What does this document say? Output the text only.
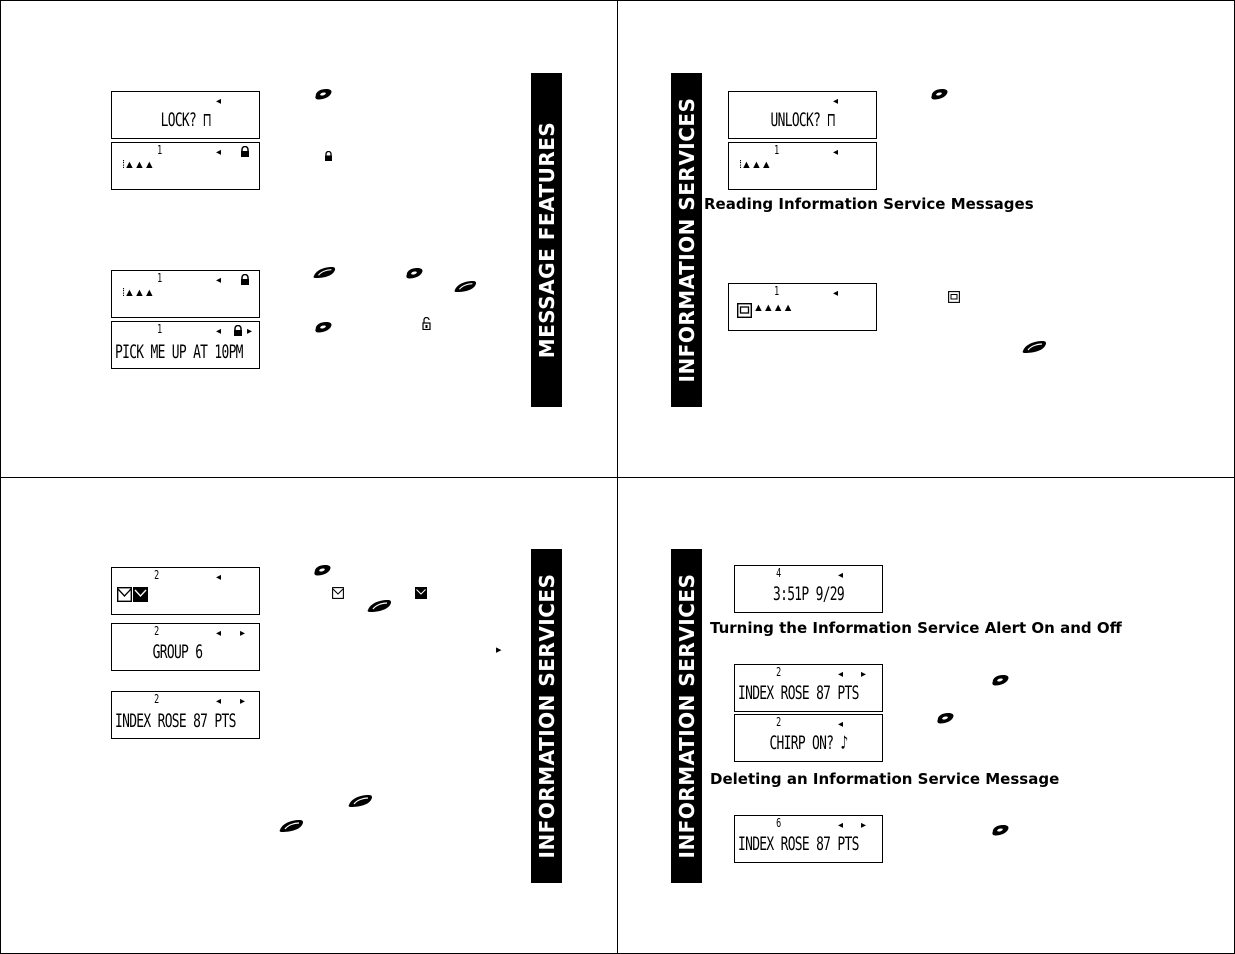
MESSAGE FEATURES
◂
LOCK? ⊓
1	◂
⁞▲▲▲
1	◂
⁞▲▲▲
1	◂	▸
PICK ME UP AT 10PM	INFORMATION SERVICES	◂
UNLOCK? ⊓
1	◂
⁞▲▲▲
Reading Information Service Messages
1	◂
▲▲▲▲
INFORMATION SERVICES
2	◂
2	◂ ▸
GROUP 6
2	◂ ▸
INDEX ROSE 87 PTS
▸	INFORMATION SERVICES
4	◂
3:51P 9/29
Turning the Information Service Alert On and Off
2	◂ ▸
INDEX ROSE 87 PTS
2	◂
CHIRP ON? ♪
Deleting an Information Service Message
6	◂ ▸
INDEX ROSE 87 PTS
